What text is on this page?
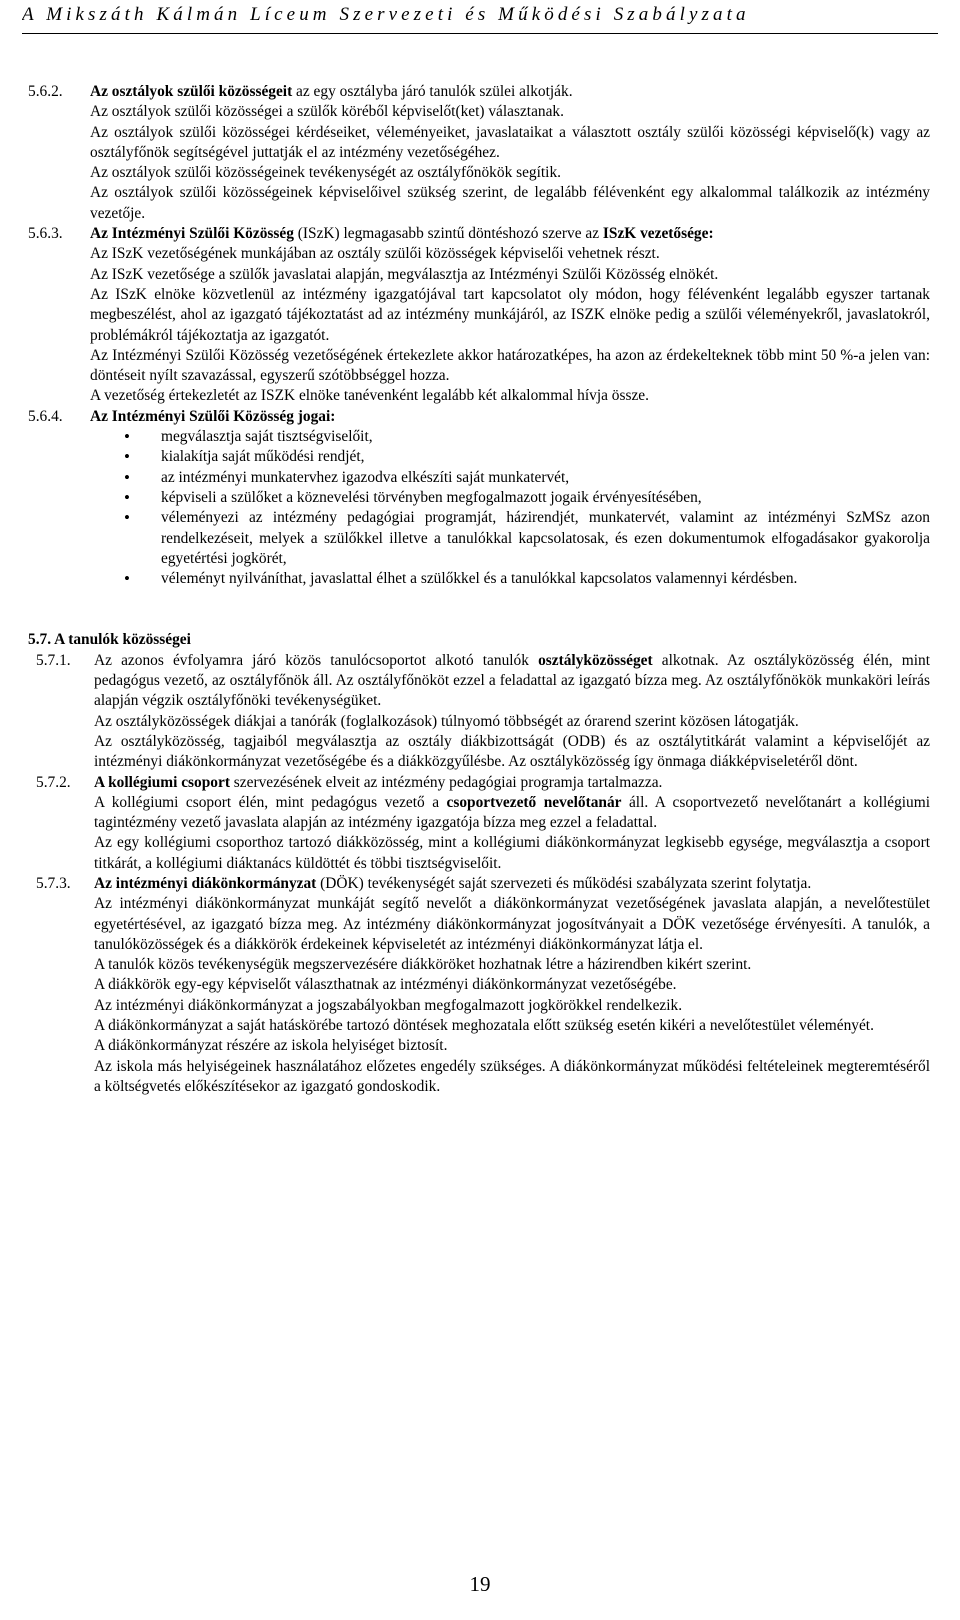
A Mikszáth Kálmán Líceum Szervezeti és Működési Szabályzata
5.6.2.	Az osztályok szülői közösségeit az egy osztályba járó tanulók szülei alkotják.

Az osztályok szülői közösségei a szülők köréből képviselőt(ket) választanak.

Az osztályok szülői közösségei kérdéseiket, véleményeiket, javaslataikat a választott osztály szülői közösségi képviselő(k) vagy az osztályfőnök segítségével juttatják el az intézmény vezetőségéhez.

Az osztályok szülői közösségeinek tevékenységét az osztályfőnökök segítik.

Az osztályok szülői közösségeinek képviselőivel szükség szerint, de legalább félévenként egy alkalommal találkozik az intézmény vezetője.

5.6.3.	Az Intézményi Szülői Közösség (ISzK) legmagasabb szintű döntéshozó szerve az ISzK vezetősége:

Az ISzK vezetőségének munkájában az osztály szülői közösségek képviselői vehetnek részt.

Az ISzK vezetősége a szülők javaslatai alapján, megválasztja az Intézményi Szülői Közösség elnökét.

Az ISzK elnöke közvetlenül az intézmény igazgatójával tart kapcsolatot oly módon, hogy félévenként legalább egyszer tartanak megbeszélést, ahol az igazgató tájékoztatást ad az intézmény munkájáról, az ISZK elnöke pedig a szülői véleményekről, javaslatokról, problémákról tájékoztatja az igazgatót.

Az Intézményi Szülői Közösség vezetőségének értekezlete akkor határozatképes, ha azon az érdekelteknek több mint 50 %-a jelen van: döntéseit nyílt szavazással, egyszerű szótöbbséggel hozza.

A vezetőség értekezletét az ISZK elnöke tanévenként legalább két alkalommal hívja össze.

5.6.4.	Az Intézményi Szülői Közösség jogai:

• megválasztja saját tisztségviselőit,
• kialakítja saját működési rendjét,
• az intézményi munkatervhez igazodva elkészíti saját munkatervét,
• képviseli a szülőket a köznevelési törvényben megfogalmazott jogaik érvényesítésében,
• véleményezi az intézmény pedagógiai programját, házirendjét, munkatervét, valamint az intézményi SzMSz azon rendelkezéseit, melyek a szülőkkel illetve a tanulókkal kapcsolatosak, és ezen dokumentumok elfogadásakor gyakorolja egyetértési jogkörét,
• véleményt nyilváníthat, javaslattal élhet a szülőkkel és a tanulókkal kapcsolatos valamennyi kérdésben.

5.7. A tanulók közösségei

5.7.1.	Az azonos évfolyamra járó közös tanulócsoportot alkotó tanulók osztályközösséget alkotnak. Az osztályközösség élén, mint pedagógus vezető, az osztályfőnök áll. Az osztályfőnököt ezzel a feladattal az igazgató bízza meg. Az osztályfőnökök munkaköri leírás alapján végzik osztályfőnöki tevékenységüket.

Az osztályközösségek diákjai a tanórák (foglalkozások) túlnyomó többségét az órarend szerint közösen látogatják.

Az osztályközösség, tagjaiból megválasztja az osztály diákbizottságát (ODB) és az osztálytitkárát valamint a képviselőjét az intézményi diákönkormányzat vezetőségébe és a diákközgyűlésbe. Az osztályközösség így önmaga diákképviseletéről dönt.

5.7.2.	A kollégiumi csoport szervezésének elveit az intézmény pedagógiai programja tartalmazza.

A kollégiumi csoport élén, mint pedagógus vezető a csoportvezető nevelőtanár áll. A csoportvezető nevelőtanárt a kollégiumi tagintézmény vezető javaslata alapján az intézmény igazgatója bízza meg ezzel a feladattal.

Az egy kollégiumi csoporthoz tartozó diákközösség, mint a kollégiumi diákönkormányzat legkisebb egysége, megválasztja a csoport titkárát, a kollégiumi diáktanács küldöttét és többi tisztségviselőit.

5.7.3.	Az intézményi diákönkormányzat (DÖK) tevékenységét saját szervezeti és működési szabályzata szerint folytatja.

Az intézményi diákönkormányzat munkáját segítő nevelőt a diákönkormányzat vezetőségének javaslata alapján, a nevelőtestület egyetértésével, az igazgató bízza meg. Az intézmény diákönkormányzat jogosítványait a DÖK vezetősége érvényesíti. A tanulók, a tanulóközösségek és a diákkörök érdekeinek képviseletét az intézményi diákönkormányzat látja el.

A tanulók közös tevékenységük megszervezésére diákköröket hozhatnak létre a házirendben kikért szerint.

A diákkörök egy-egy képviselőt választhatnak az intézményi diákönkormányzat vezetőségébe.

Az intézményi diákönkormányzat a jogszabályokban megfogalmazott jogkörökkel rendelkezik.

A diákönkormányzat a saját hatáskörébe tartozó döntések meghozatala előtt szükség esetén kikéri a nevelőtestület véleményét.

A diákönkormányzat részére az iskola helyiséget biztosít.

Az iskola más helyiségeinek használatához előzetes engedély szükséges. A diákönkormányzat működési feltételeinek megteremtéséről a költségvetés előkészítésekor az igazgató gondoskodik.

19
